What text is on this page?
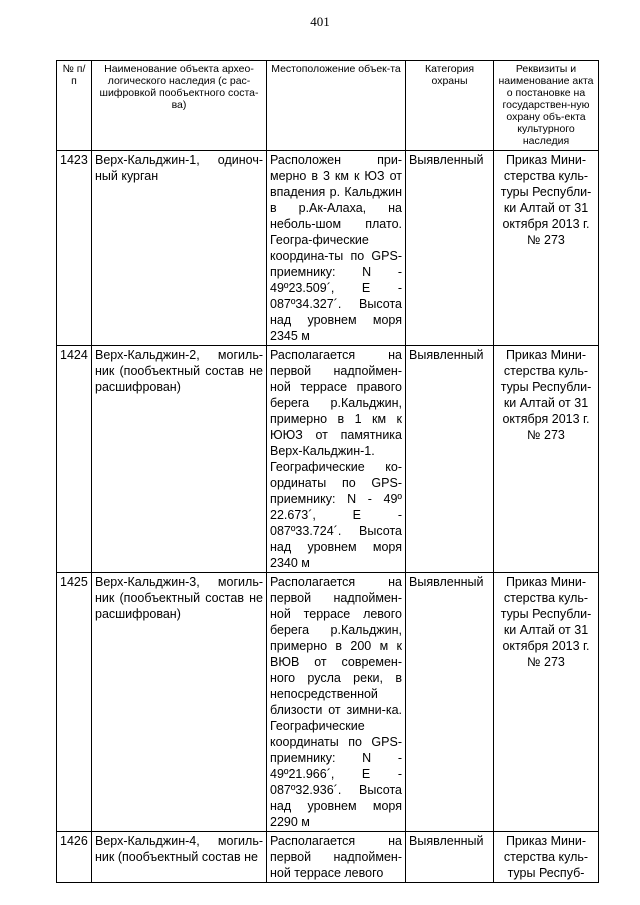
401
№ п/п	Наименование объекта архео-логического наследия (с рас-шифровкой пообъектного соста-ва)	Местоположение объек-та	Категория охраны	Реквизиты и наименование акта о постановке на государствен-ную охрану объ-екта культурного наследия
1423	Верх-Кальджин-1, одиноч-ный курган	Расположен при-мерно в 3 км к ЮЗ от впадения р. Кальджин в р.Ак-Алаха, на неболь-шом плато. Геогра-фические координа-ты по GPS-приемнику: N - 49º23.509´, E - 087º34.327´. Высота над уровнем моря 2345 м	Выявленный	Приказ Мини-стерства куль-туры Республи-ки Алтай от 31 октября 2013 г. № 273
1424	Верх-Кальджин-2, могиль-ник (пообъектный состав не расшифрован)	Располагается на первой надпоймен-ной террасе правого берега р.Кальджин, примерно в 1 км к ЮЮЗ от памятника Верх-Кальджин-1. Географические ко-ординаты по GPS-приемнику: N - 49º 22.673´, E - 087º33.724´. Высота над уровнем моря 2340 м	Выявленный	Приказ Мини-стерства куль-туры Республи-ки Алтай от 31 октября 2013 г. № 273
1425	Верх-Кальджин-3, могиль-ник (пообъектный состав не расшифрован)	Располагается на первой надпоймен-ной террасе левого берега р.Кальджин, примерно в 200 м к ВЮВ от современ-ного русла реки, в непосредственной близости от зимни-ка. Географические координаты по GPS-приемнику: N - 49º21.966´, E - 087º32.936´. Высота над уровнем моря 2290 м	Выявленный	Приказ Мини-стерства куль-туры Республи-ки Алтай от 31 октября 2013 г. № 273
1426	Верх-Кальджин-4, могиль-ник (пообъектный состав не	Располагается на первой надпоймен-ной террасе левого	Выявленный	Приказ Мини-стерства куль-туры Респуб-
